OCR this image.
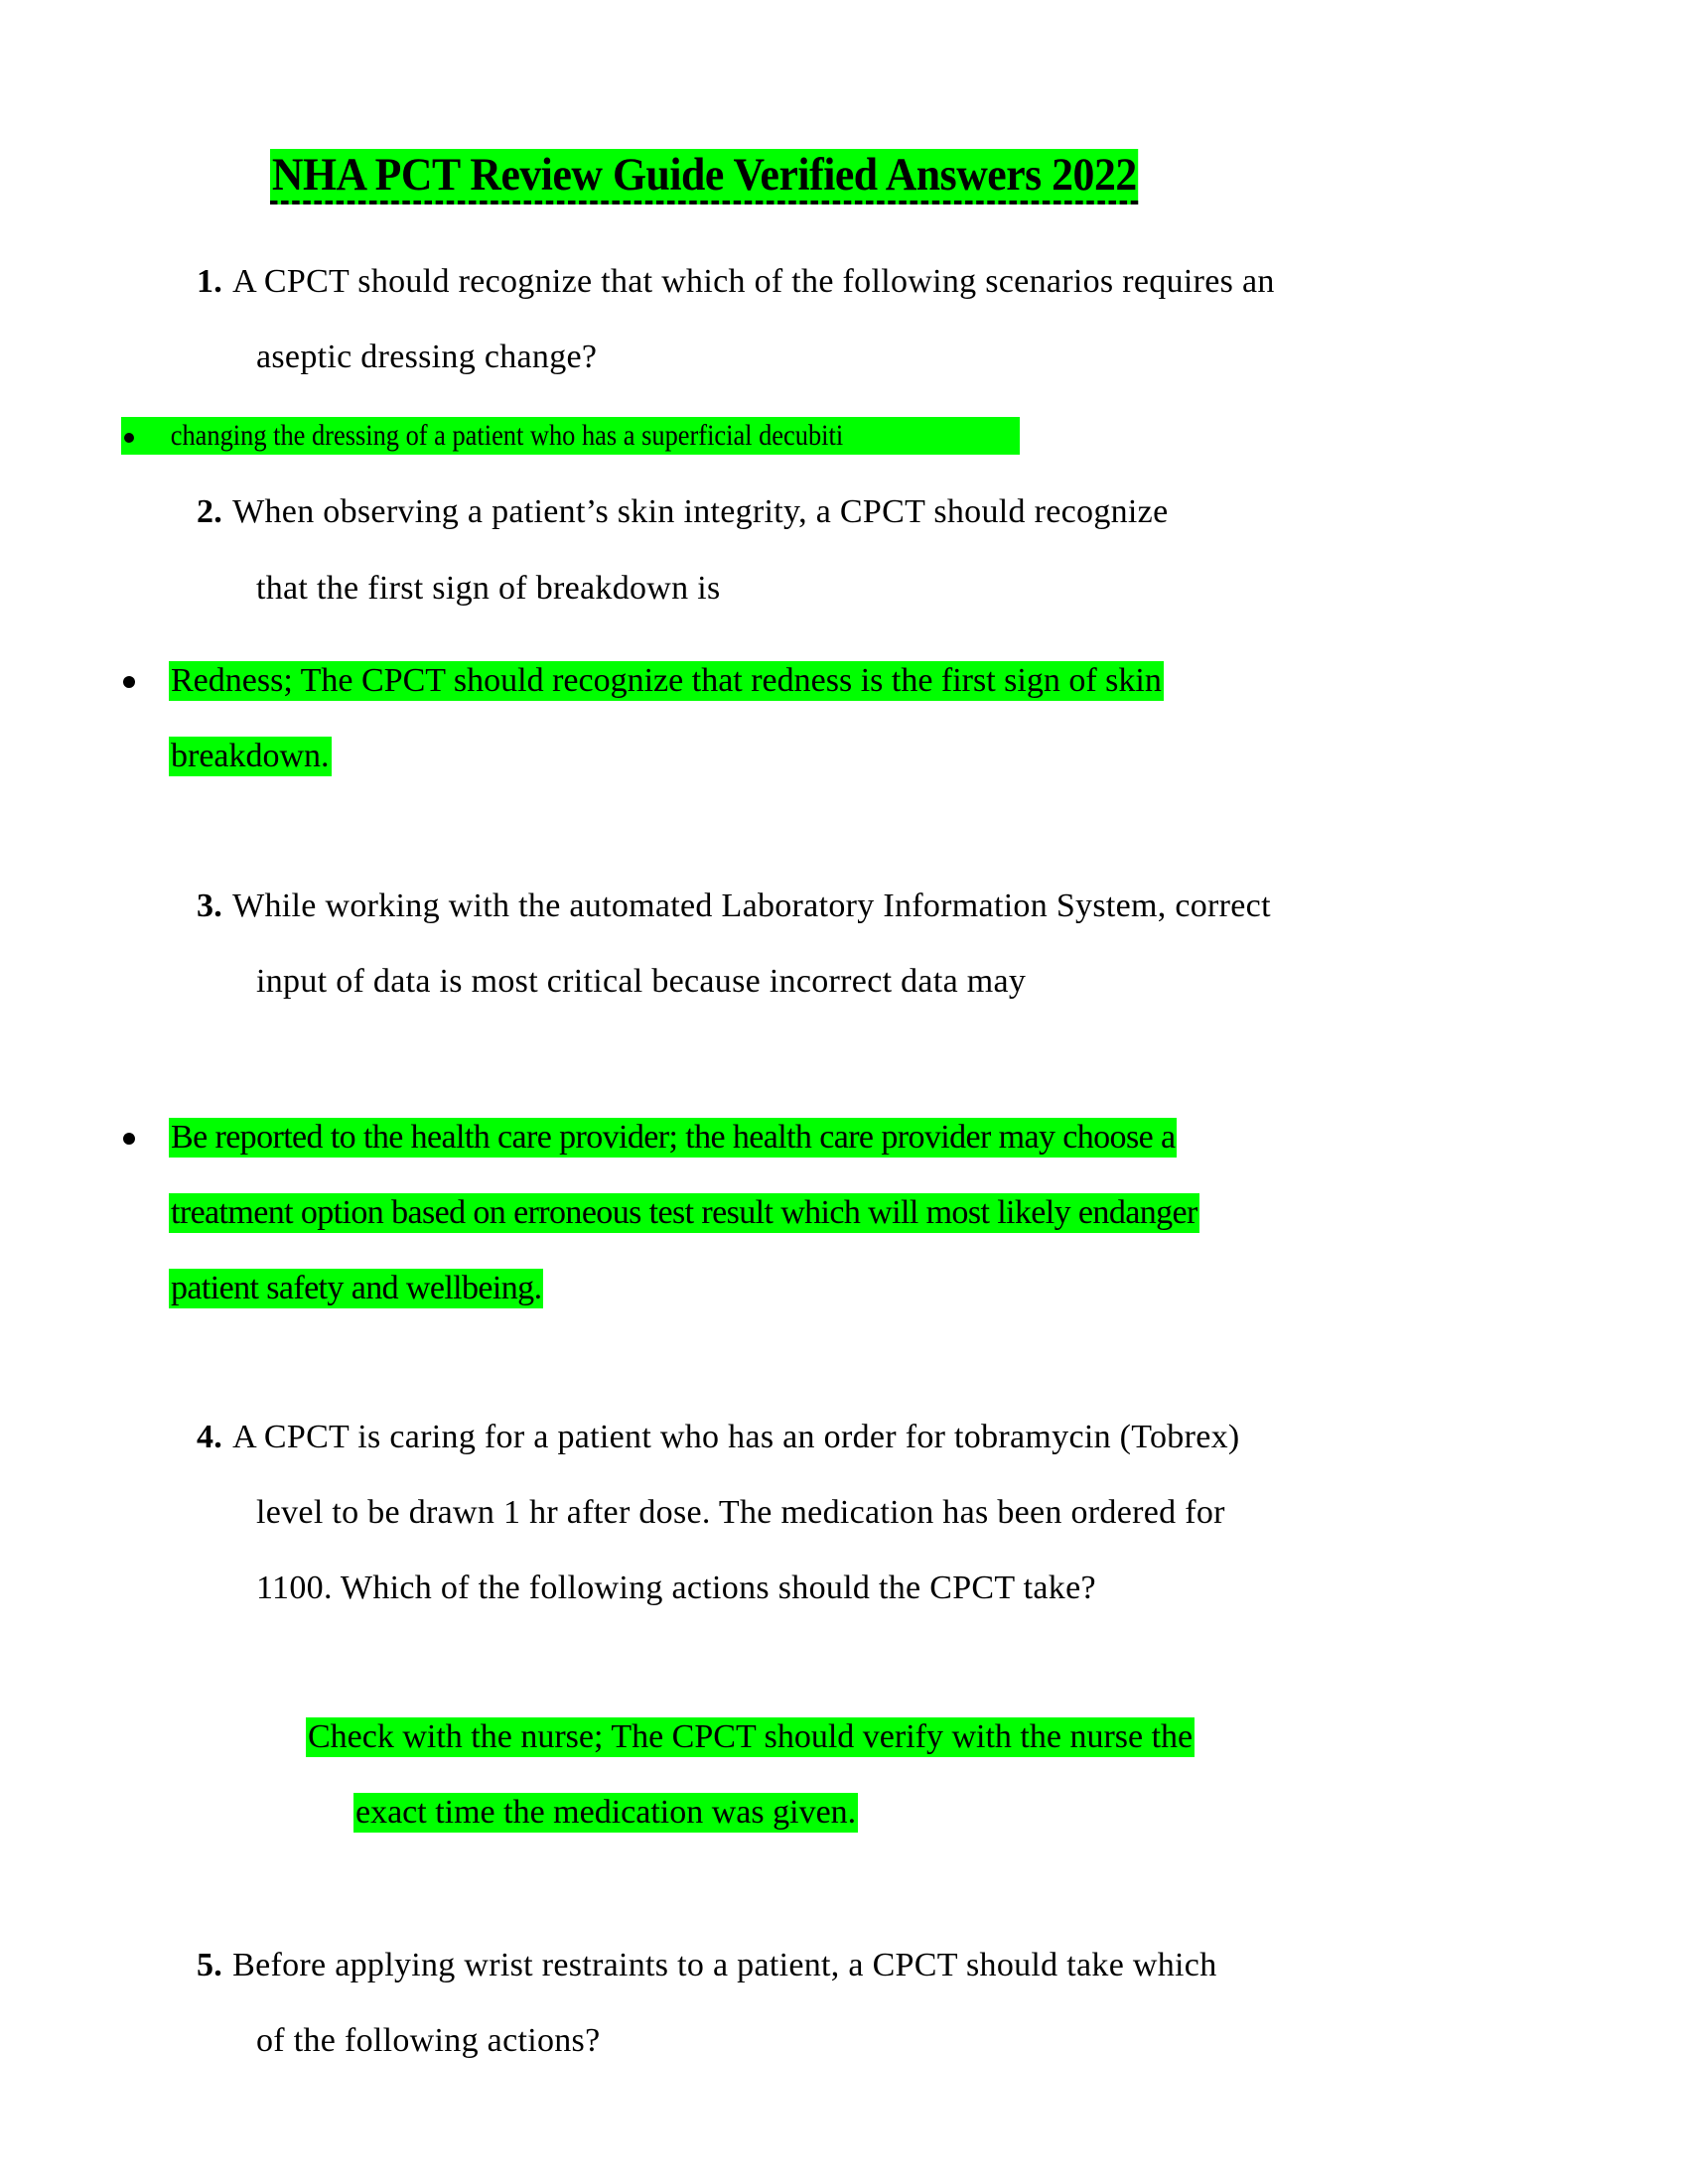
NHA PCT Review Guide Verified Answers 2022
1. A CPCT should recognize that which of the following scenarios requires an
aseptic dressing change?
changing the dressing of a patient who has a superficial decubiti
2. When observing a patient’s skin integrity, a CPCT should recognize
that the first sign of breakdown is
Redness; The CPCT should recognize that redness is the first sign of skin
breakdown.
3. While working with the automated Laboratory Information System, correct
input of data is most critical because incorrect data may
Be reported to the health care provider; the health care provider may choose a
treatment option based on erroneous test result which will most likely endanger
patient safety and wellbeing.
4. A CPCT is caring for a patient who has an order for tobramycin (Tobrex)
level to be drawn 1 hr after dose. The medication has been ordered for
1100. Which of the following actions should the CPCT take?
Check with the nurse; The CPCT should verify with the nurse the
exact time the medication was given.
5. Before applying wrist restraints to a patient, a CPCT should take which
of the following actions?
